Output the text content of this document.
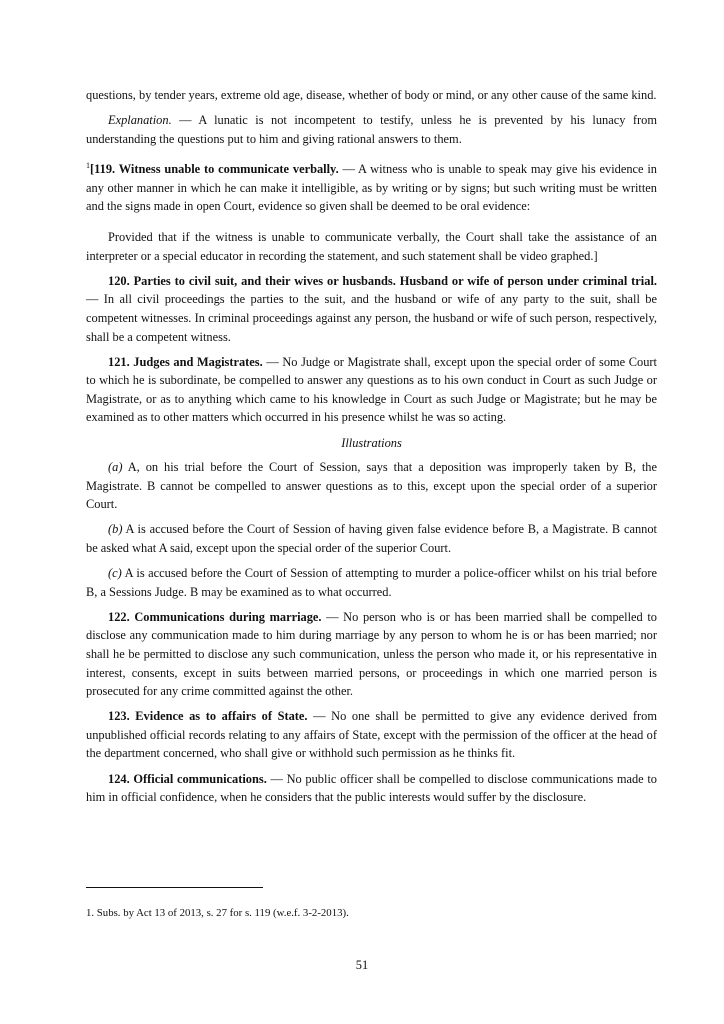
questions, by tender years, extreme old age, disease, whether of body or mind, or any other cause of the same kind.

Explanation. — A lunatic is not incompetent to testify, unless he is prevented by his lunacy from understanding the questions put to him and giving rational answers to them.

$^1$[119. Witness unable to communicate verbally. — A witness who is unable to speak may give his evidence in any other manner in which he can make it intelligible, as by writing or by signs; but such writing must be written and the signs made in open Court, evidence so given shall be deemed to be oral evidence:

Provided that if the witness is unable to communicate verbally, the Court shall take the assistance of an interpreter or a special educator in recording the statement, and such statement shall be video graphed.]

120. Parties to civil suit, and their wives or husbands. Husband or wife of person under criminal trial. — In all civil proceedings the parties to the suit, and the husband or wife of any party to the suit, shall be competent witnesses. In criminal proceedings against any person, the husband or wife of such person, respectively, shall be a competent witness.

121. Judges and Magistrates. — No Judge or Magistrate shall, except upon the special order of some Court to which he is subordinate, be compelled to answer any questions as to his own conduct in Court as such Judge or Magistrate, or as to anything which came to his knowledge in Court as such Judge or Magistrate; but he may be examined as to other matters which occurred in his presence whilst he was so acting.

Illustrations

(a) A, on his trial before the Court of Session, says that a deposition was improperly taken by B, the Magistrate. B cannot be compelled to answer questions as to this, except upon the special order of a superior Court.

(b) A is accused before the Court of Session of having given false evidence before B, a Magistrate. B cannot be asked what A said, except upon the special order of the superior Court.

(c) A is accused before the Court of Session of attempting to murder a police-officer whilst on his trial before B, a Sessions Judge. B may be examined as to what occurred.

122. Communications during marriage. — No person who is or has been married shall be compelled to disclose any communication made to him during marriage by any person to whom he is or has been married; nor shall he be permitted to disclose any such communication, unless the person who made it, or his representative in interest, consents, except in suits between married persons, or proceedings in which one married person is prosecuted for any crime committed against the other.

123. Evidence as to affairs of State. — No one shall be permitted to give any evidence derived from unpublished official records relating to any affairs of State, except with the permission of the officer at the head of the department concerned, who shall give or withhold such permission as he thinks fit.

124. Official communications. — No public officer shall be compelled to disclose communications made to him in official confidence, when he considers that the public interests would suffer by the disclosure.

1. Subs. by Act 13 of 2013, s. 27 for s. 119 (w.e.f. 3-2-2013).
51
